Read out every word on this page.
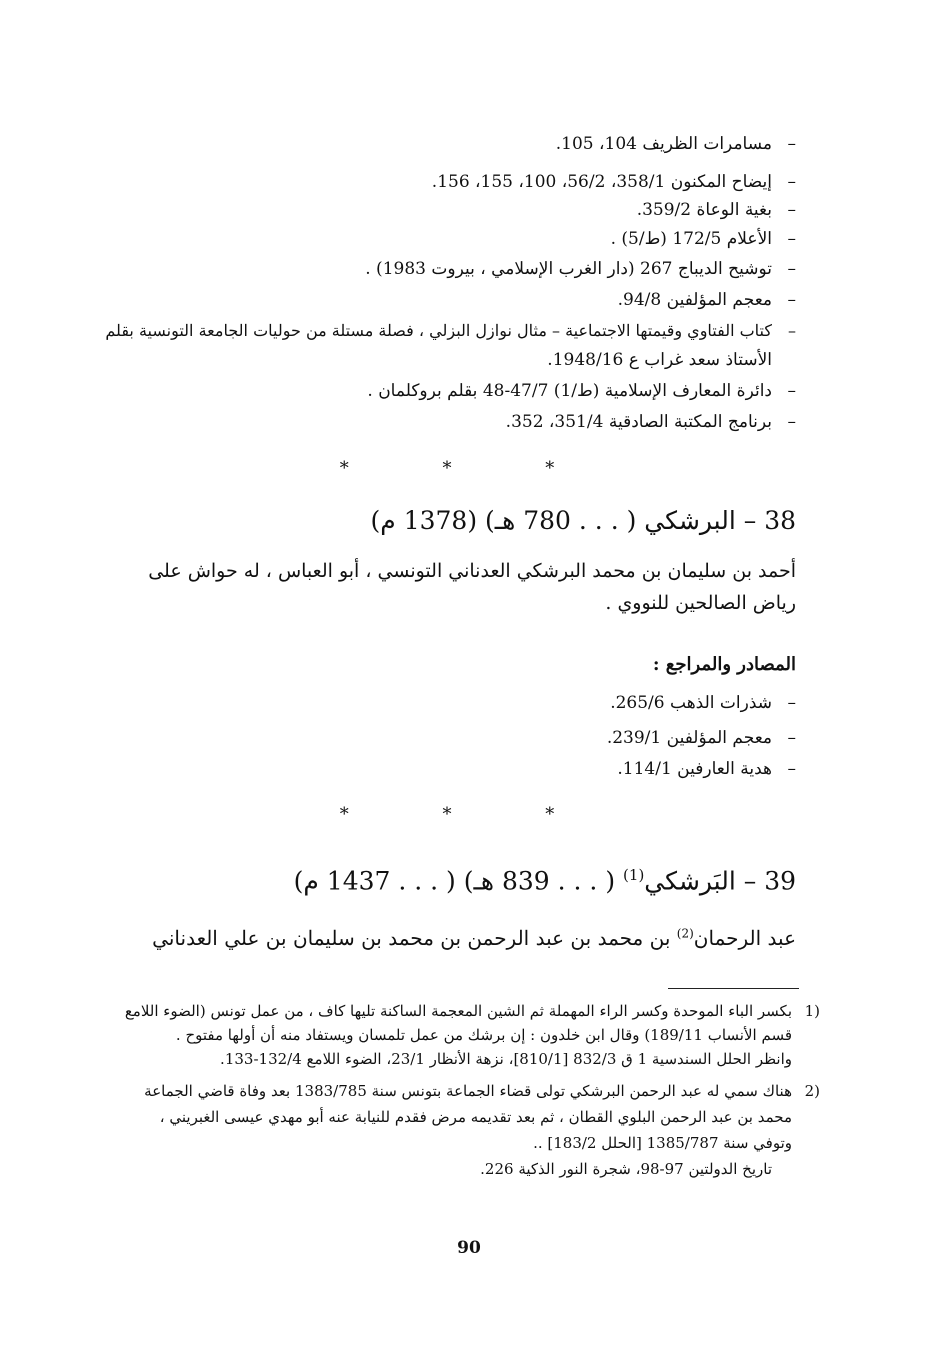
–مسامرات الظريف 104، 105.
–إيضاح المكنون 358/1، 56/2، 100، 155، 156.
–بغية الوعاة 359/2.
–الأعلام 172/5 (ط/5) .
–توشيح الديباج 267 (دار الغرب الإسلامي ، بيروت 1983) .
–معجم المؤلفين 94/8.
–كتاب الفتاوي وقيمتها الاجتماعية – مثال نوازل البزلي ، فصلة مستلة من حوليات الجامعة التونسية بقلم
الأستاذ سعد غراب ع 1948/16.
–دائرة المعارف الإسلامية (ط/1) 47/7-48 بقلم بروكلمان .
–برنامج المكتبة الصادقية 351/4، 352.
* * *
38 – البرشكي ( . . . 780 هـ) (1378 م)
أحمد بن سليمان بن محمد البرشكي العدناني التونسي ، أبو العباس ، له حواش على
رياض الصالحين للنووي .
المصادر والمراجع :
–شذرات الذهب 265/6.
–معجم المؤلفين 239/1.
–هدية العارفين 114/1.
* * *
39 – البَرشكي$^{(1)}$ ( . . . 839 هـ) ( . . . 1437 م)
عبد الرحمان$^{(2)}$ بن محمد بن عبد الرحمن بن محمد بن سليمان بن علي العدناني
1)
بكسر الباء الموحدة وكسر الراء المهملة ثم الشين المعجمة الساكنة تليها كاف ، من عمل تونس (الضوء اللامع
قسم الأنساب 189/11) وقال ابن خلدون : إن برشك من عمل تلمسان ويستفاد منه أن أولها مفتوح .
وانظر الحلل السندسية 1 ق 832/3 [810/1]، نزهة الأنظار 23/1، الضوء اللامع 132/4-133.
2)
هناك سمي له عبد الرحمن البرشكي تولى قضاء الجماعة بتونس سنة 1383/785 بعد وفاة قاضي الجماعة
محمد بن عبد الرحمن البلوي القطان ، ثم بعد تقديمه مرض فقدم للنيابة عنه أبو مهدي عيسى الغبريني ،
وتوفي سنة 1385/787 [الحلل 183/2] ..
تاريخ الدولتين 97-98، شجرة النور الذكية 226.
90
